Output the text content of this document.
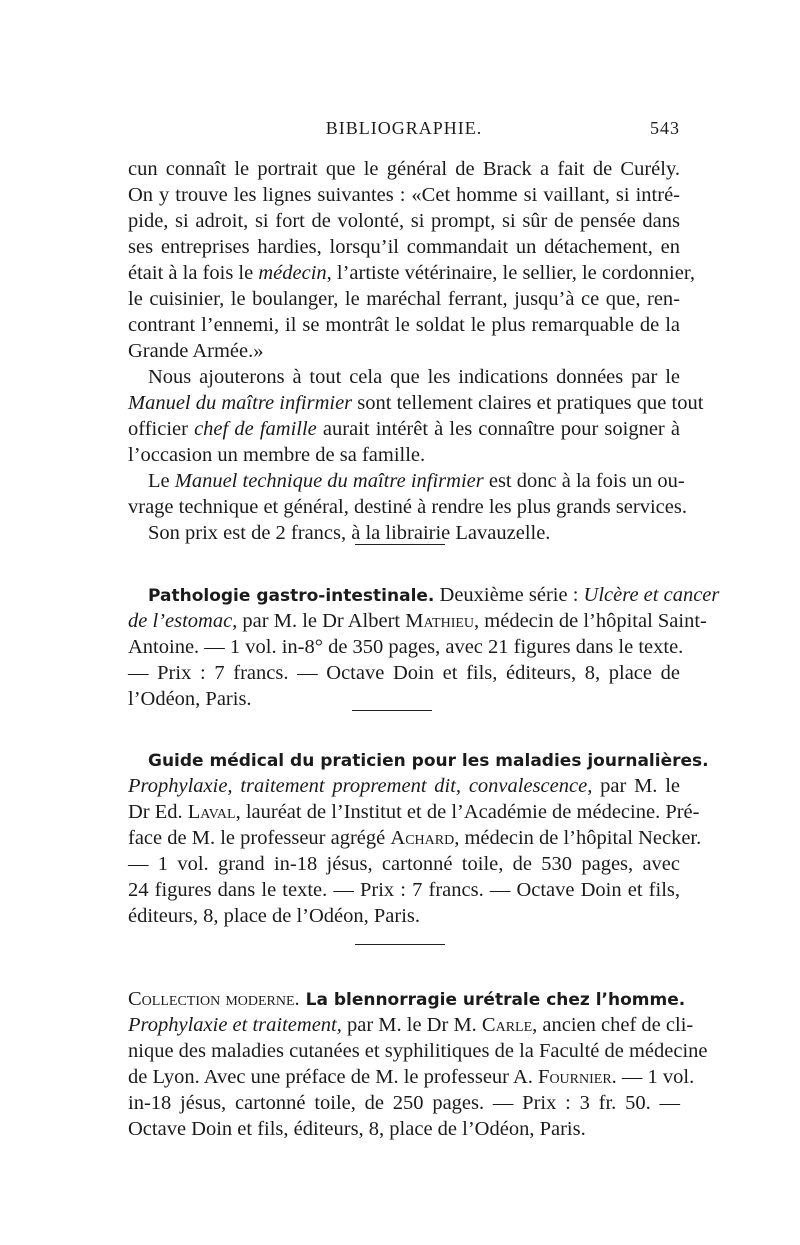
BIBLIOGRAPHIE.	543
cun connaît le portrait que le général de Brack a fait de Curély.
On y trouve les lignes suivantes : «Cet homme si vaillant, si intré-
pide, si adroit, si fort de volonté, si prompt, si sûr de pensée dans
ses entreprises hardies, lorsqu’il commandait un détachement, en
était à la fois le médecin, l’artiste vétérinaire, le sellier, le cordonnier,
le cuisinier, le boulanger, le maréchal ferrant, jusqu’à ce que, ren-
contrant l’ennemi, il se montrât le soldat le plus remarquable de la
Grande Armée.»
Nous ajouterons à tout cela que les indications données par le
Manuel du maître infirmier sont tellement claires et pratiques que tout
officier chef de famille aurait intérêt à les connaître pour soigner à
l’occasion un membre de sa famille.
Le Manuel technique du maître infirmier est donc à la fois un ou-
vrage technique et général, destiné à rendre les plus grands services.
Son prix est de 2 francs, à la librairie Lavauzelle.
Pathologie gastro-intestinale. Deuxième série : Ulcère et cancer
de l’estomac, par M. le Dr Albert Mathieu, médecin de l’hôpital Saint-
Antoine. — 1 vol. in-8° de 350 pages, avec 21 figures dans le texte.
— Prix : 7 francs. — Octave Doin et fils, éditeurs, 8, place de
l’Odéon, Paris.
Guide médical du praticien pour les maladies journalières.
Prophylaxie, traitement proprement dit, convalescence, par M. le
Dr Ed. Laval, lauréat de l’Institut et de l’Académie de médecine. Pré-
face de M. le professeur agrégé Achard, médecin de l’hôpital Necker.
— 1 vol. grand in-18 jésus, cartonné toile, de 530 pages, avec
24 figures dans le texte. — Prix : 7 francs. — Octave Doin et fils,
éditeurs, 8, place de l’Odéon, Paris.
Collection moderne. La blennorragie urétrale chez l’homme.
Prophylaxie et traitement, par M. le Dr M. Carle, ancien chef de cli-
nique des maladies cutanées et syphilitiques de la Faculté de médecine
de Lyon. Avec une préface de M. le professeur A. Fournier. — 1 vol.
in-18 jésus, cartonné toile, de 250 pages. — Prix : 3 fr. 50. —
Octave Doin et fils, éditeurs, 8, place de l’Odéon, Paris.
